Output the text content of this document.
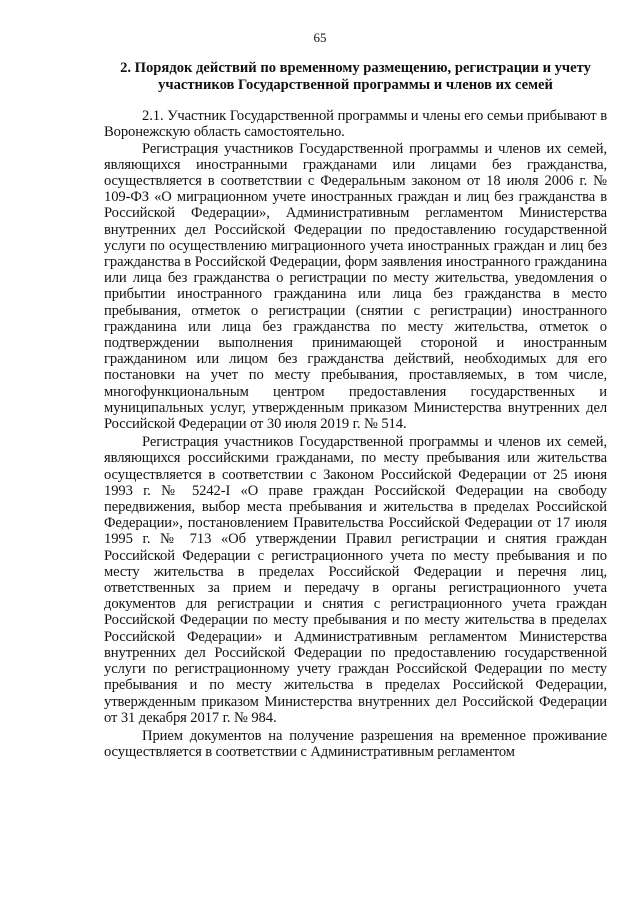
65
2. Порядок действий по временному размещению, регистрации и учету участников Государственной программы и членов их семей

2.1. Участник Государственной программы и члены его семьи прибывают в Воронежскую область самостоятельно.

Регистрация участников Государственной программы и членов их семей, являющихся иностранными гражданами или лицами без гражданства, осуществляется в соответствии с Федеральным законом от 18 июля 2006 г. № 109-ФЗ «О миграционном учете иностранных граждан и лиц без гражданства в Российской Федерации», Административным регламентом Министерства внутренних дел Российской Федерации по предоставлению государственной услуги по осуществлению миграционного учета иностранных граждан и лиц без гражданства в Российской Федерации, форм заявления иностранного гражданина или лица без гражданства о регистрации по месту жительства, уведомления о прибытии иностранного гражданина или лица без гражданства в место пребывания, отметок о регистрации (снятии с регистрации) иностранного гражданина или лица без гражданства по месту жительства, отметок о подтверждении выполнения принимающей стороной и иностранным гражданином или лицом без гражданства действий, необходимых для его постановки на учет по месту пребывания, проставляемых, в том числе, многофункциональным центром предоставления государственных и муниципальных услуг, утвержденным приказом Министерства внутренних дел Российской Федерации от 30 июля 2019 г. № 514.

Регистрация участников Государственной программы и членов их семей, являющихся российскими гражданами, по месту пребывания или жительства осуществляется в соответствии с Законом Российской Федерации от 25 июня 1993 г. № 5242-I «О праве граждан Российской Федерации на свободу передвижения, выбор места пребывания и жительства в пределах Российской Федерации», постановлением Правительства Российской Федерации от 17 июля 1995 г. № 713 «Об утверждении Правил регистрации и снятия граждан Российской Федерации с регистрационного учета по месту пребывания и по месту жительства в пределах Российской Федерации и перечня лиц, ответственных за прием и передачу в органы регистрационного учета документов для регистрации и снятия с регистрационного учета граждан Российской Федерации по месту пребывания и по месту жительства в пределах Российской Федерации» и Административным регламентом Министерства внутренних дел Российской Федерации по предоставлению государственной услуги по регистрационному учету граждан Российской Федерации по месту пребывания и по месту жительства в пределах Российской Федерации, утвержденным приказом Министерства внутренних дел Российской Федерации от 31 декабря 2017 г. № 984.

Прием документов на получение разрешения на временное проживание осуществляется в соответствии с Административным регламентом
